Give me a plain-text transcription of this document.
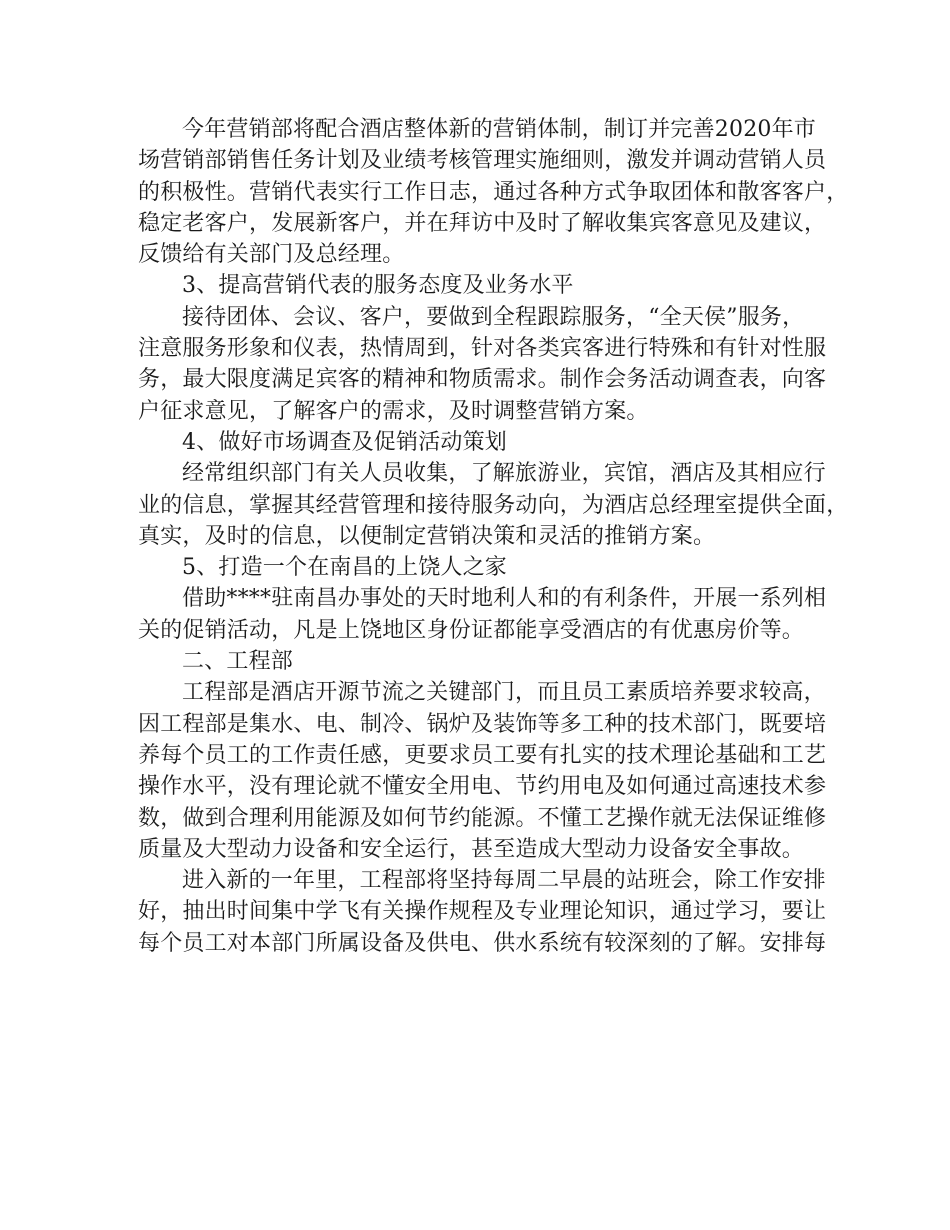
今年营销部将配合酒店整体新的营销体制，制订并完善2020年市
场营销部销售任务计划及业绩考核管理实施细则，激发并调动营销人员
的积极性。营销代表实行工作日志，通过各种方式争取团体和散客客户，
稳定老客户，发展新客户，并在拜访中及时了解收集宾客意见及建议，
反馈给有关部门及总经理。
3、提高营销代表的服务态度及业务水平
接待团体、会议、客户，要做到全程跟踪服务，“全天侯”服务，
注意服务形象和仪表，热情周到，针对各类宾客进行特殊和有针对性服
务，最大限度满足宾客的精神和物质需求。制作会务活动调查表，向客
户征求意见，了解客户的需求，及时调整营销方案。
4、做好市场调查及促销活动策划
经常组织部门有关人员收集，了解旅游业，宾馆，酒店及其相应行
业的信息，掌握其经营管理和接待服务动向，为酒店总经理室提供全面，
真实，及时的信息，以便制定营销决策和灵活的推销方案。
5、打造一个在南昌的上饶人之家
借助****驻南昌办事处的天时地利人和的有利条件，开展一系列相
关的促销活动，凡是上饶地区身份证都能享受酒店的有优惠房价等。
二、工程部
工程部是酒店开源节流之关键部门，而且员工素质培养要求较高，
因工程部是集水、电、制冷、锅炉及装饰等多工种的技术部门，既要培
养每个员工的工作责任感，更要求员工要有扎实的技术理论基础和工艺
操作水平，没有理论就不懂安全用电、节约用电及如何通过高速技术参
数，做到合理利用能源及如何节约能源。不懂工艺操作就无法保证维修
质量及大型动力设备和安全运行，甚至造成大型动力设备安全事故。
进入新的一年里，工程部将坚持每周二早晨的站班会，除工作安排
好，抽出时间集中学飞有关操作规程及专业理论知识，通过学习，要让
每个员工对本部门所属设备及供电、供水系统有较深刻的了解。安排每
